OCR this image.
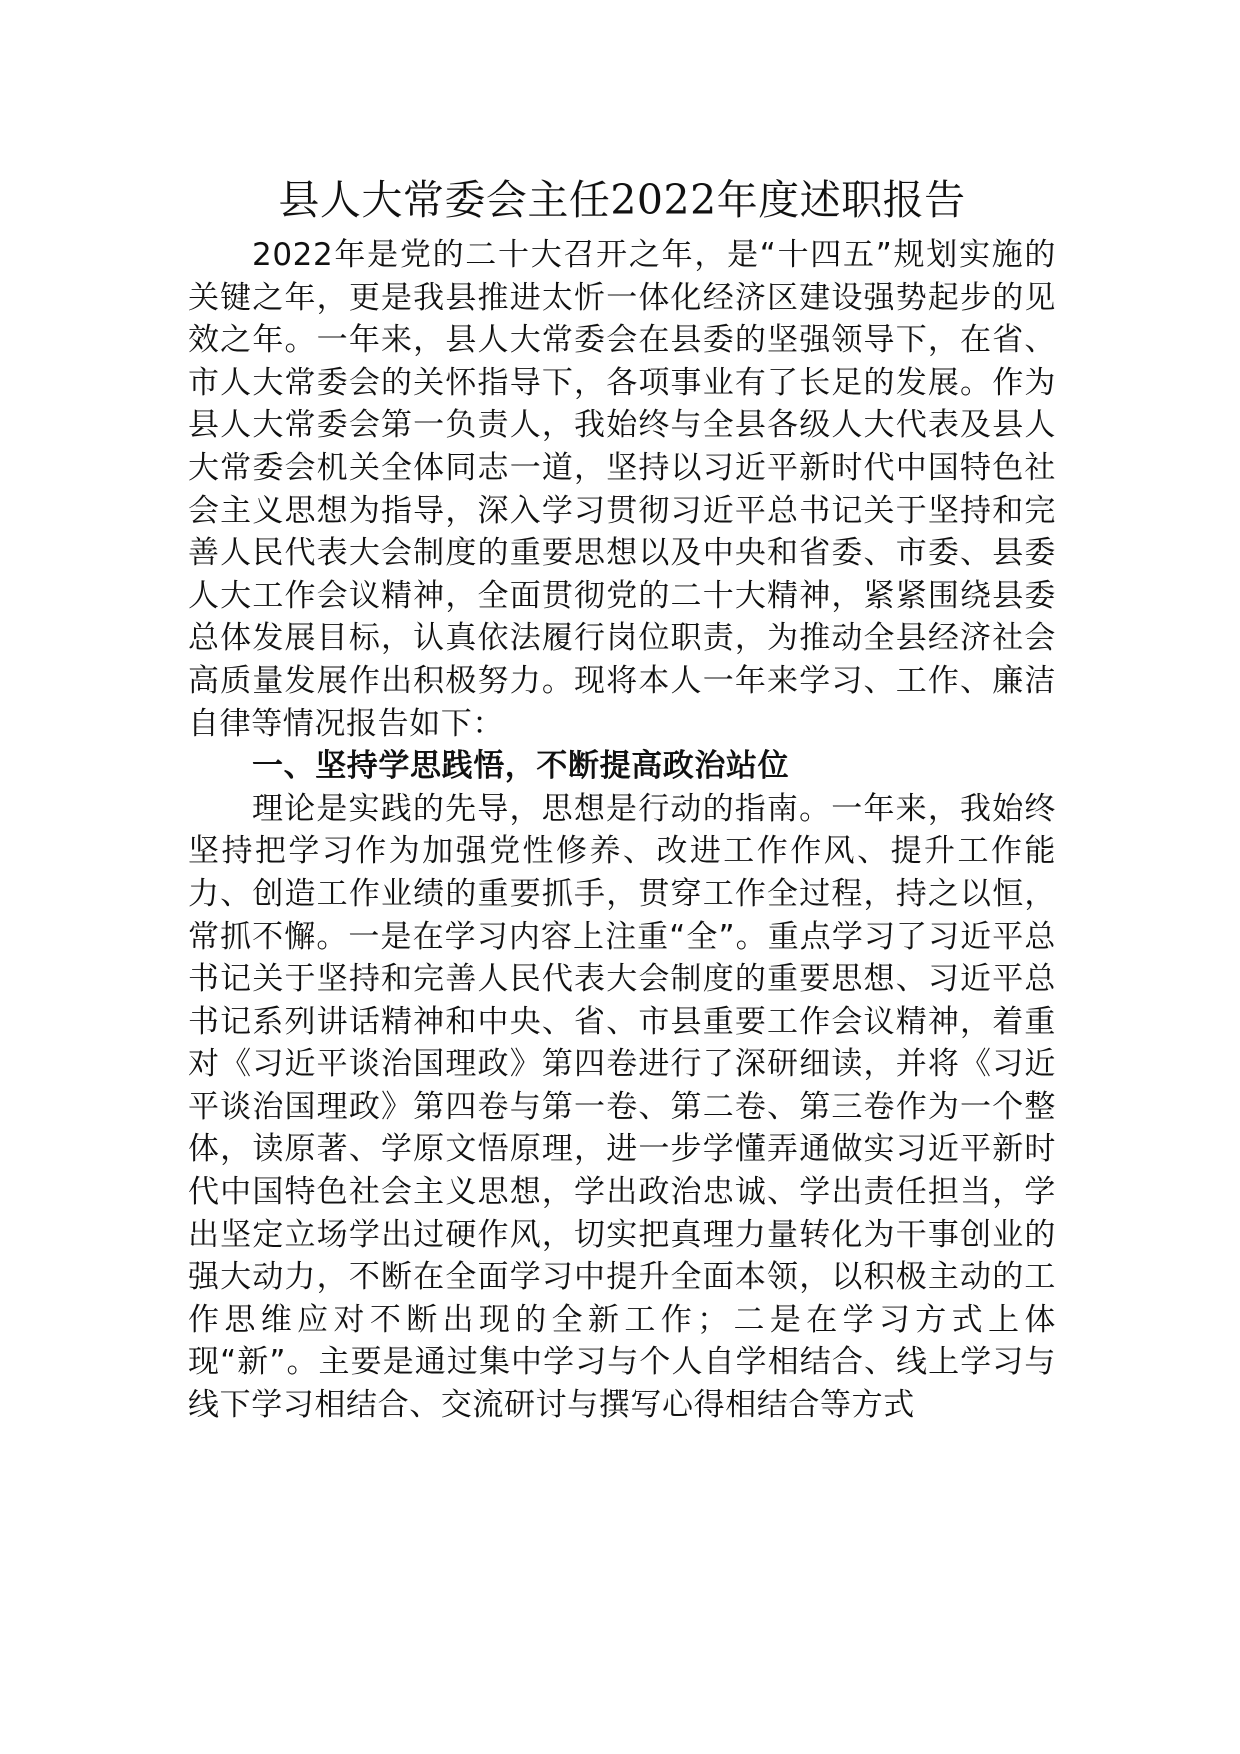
县人大常委会主任2022年度述职报告

2022年是党的二十大召开之年，是“十四五”规划实施的关键之年，更是我县推进太忻一体化经济区建设强势起步的见效之年。一年来，县人大常委会在县委的坚强领导下，在省、市人大常委会的关怀指导下，各项事业有了长足的发展。作为县人大常委会第一负责人，我始终与全县各级人大代表及县人大常委会机关全体同志一道，坚持以习近平新时代中国特色社会主义思想为指导，深入学习贯彻习近平总书记关于坚持和完善人民代表大会制度的重要思想以及中央和省委、市委、县委人大工作会议精神，全面贯彻党的二十大精神，紧紧围绕县委总体发展目标，认真依法履行岗位职责，为推动全县经济社会高质量发展作出积极努力。现将本人一年来学习、工作、廉洁自律等情况报告如下：

一、坚持学思践悟，不断提高政治站位

理论是实践的先导，思想是行动的指南。一年来，我始终坚持把学习作为加强党性修养、改进工作作风、提升工作能力、创造工作业绩的重要抓手，贯穿工作全过程，持之以恒，常抓不懈。一是在学习内容上注重“全”。重点学习了习近平总书记关于坚持和完善人民代表大会制度的重要思想、习近平总书记系列讲话精神和中央、省、市县重要工作会议精神，着重对《习近平谈治国理政》第四卷进行了深研细读，并将《习近平谈治国理政》第四卷与第一卷、第二卷、第三卷作为一个整体，读原著、学原文悟原理，进一步学懂弄通做实习近平新时代中国特色社会主义思想，学出政治忠诚、学出责任担当，学出坚定立场学出过硬作风，切实把真理力量转化为干事创业的强大动力，不断在全面学习中提升全面本领，以积极主动的工作思维应对不断出现的全新工作；二是在学习方式上体现“新”。主要是通过集中学习与个人自学相结合、线上学习与线下学习相结合、交流研讨与撰写心得相结合等方式
